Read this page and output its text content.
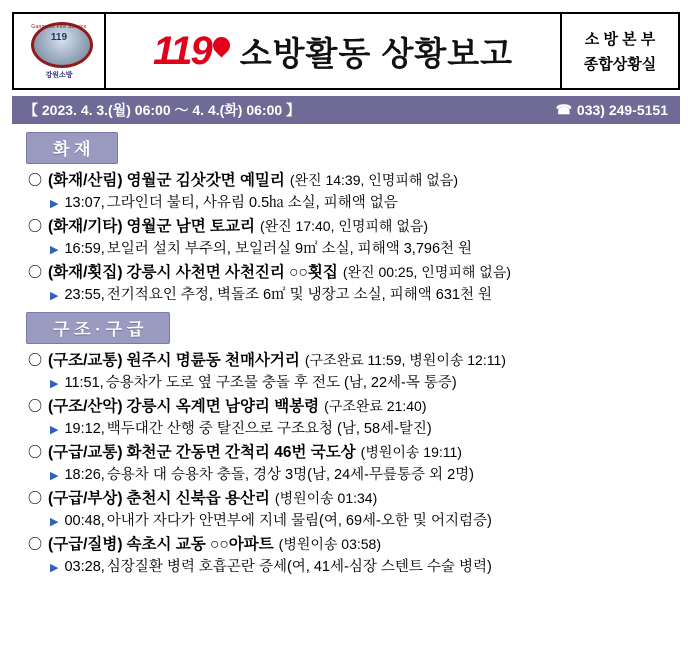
Gangwon Fire Service
119
강원소방
119 소방활동 상황보고	소 방 본 부
종합상황실
【 2023. 4. 3.(월) 06:00 ～ 4. 4.(화) 06:00 】	☎ 033) 249-5151
화 재
〇 (화재/산림) 영월군 김삿갓면 예밀리 (완진 14:39, 인명피해 없음)
▶ 13:07, 그라인더 불티, 사유림 0.5㏊ 소실, 피해액 없음
〇 (화재/기타) 영월군 남면 토교리 (완진 17:40, 인명피해 없음)
▶ 16:59, 보일러 설치 부주의, 보일러실 9㎡ 소실, 피해액 3,796천 원
〇 (화재/횟집) 강릉시 사천면 사천진리 ○○횟집 (완진 00:25, 인명피해 없음)
▶ 23:55, 전기적요인 추정, 벽돌조 6㎡ 및 냉장고 소실, 피해액 631천 원
구 조 · 구 급
〇 (구조/교통) 원주시 명륜동 천매사거리 (구조완료 11:59, 병원이송 12:11)
▶ 11:51, 승용차가 도로 옆 구조물 충돌 후 전도 (남, 22세-목 통증)
〇 (구조/산악) 강릉시 옥계면 남양리 백봉령 (구조완료 21:40)
▶ 19:12, 백두대간 산행 중 탈진으로 구조요청 (남, 58세-탈진)
〇 (구급/교통) 화천군 간동면 간척리 46번 국도상 (병원이송 19:11)
▶ 18:26, 승용차 대 승용차 충돌, 경상 3명(남, 24세-무릎통증 외 2명)
〇 (구급/부상) 춘천시 신북읍 용산리 (병원이송 01:34)
▶ 00:48, 아내가 자다가 안면부에 지네 물림(여, 69세-오한 및 어지럼증)
〇 (구급/질병) 속초시 교동 ○○아파트 (병원이송 03:58)
▶ 03:28, 심장질환 병력 호흡곤란 증세(여, 41세-심장 스텐트 수술 병력)
